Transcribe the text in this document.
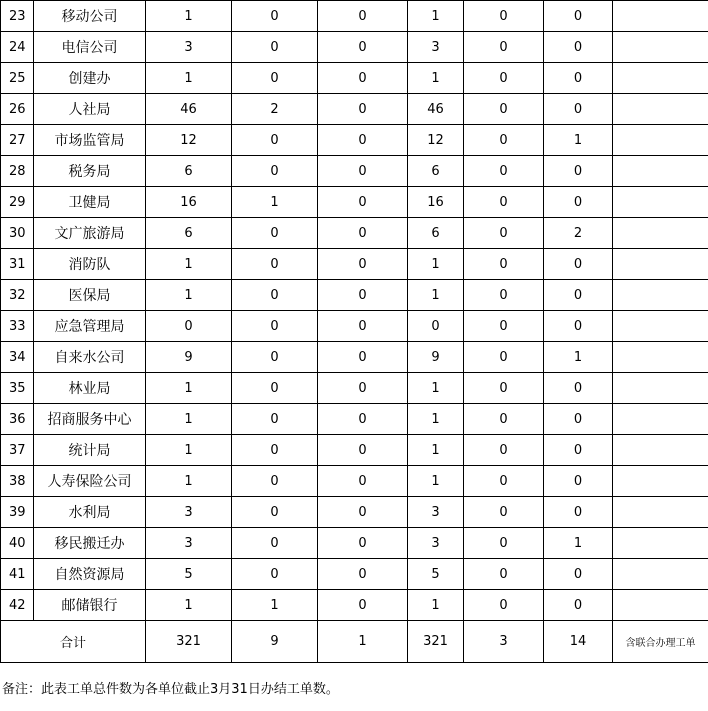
23	移动公司	1	0	0	1	0	0	
24	电信公司	3	0	0	3	0	0	
25	创建办	1	0	0	1	0	0	
26	人社局	46	2	0	46	0	0	
27	市场监管局	12	0	0	12	0	1	
28	税务局	6	0	0	6	0	0	
29	卫健局	16	1	0	16	0	0	
30	文广旅游局	6	0	0	6	0	2	
31	消防队	1	0	0	1	0	0	
32	医保局	1	0	0	1	0	0	
33	应急管理局	0	0	0	0	0	0	
34	自来水公司	9	0	0	9	0	1	
35	林业局	1	0	0	1	0	0	
36	招商服务中心	1	0	0	1	0	0	
37	统计局	1	0	0	1	0	0	
38	人寿保险公司	1	0	0	1	0	0	
39	水利局	3	0	0	3	0	0	
40	移民搬迁办	3	0	0	3	0	1	
41	自然资源局	5	0	0	5	0	0	
42	邮储银行	1	1	0	1	0	0	
合计		321	9	1	321	3	14	含联合办理工单
备注：此表工单总件数为各单位截止3月31日办结工单数。
